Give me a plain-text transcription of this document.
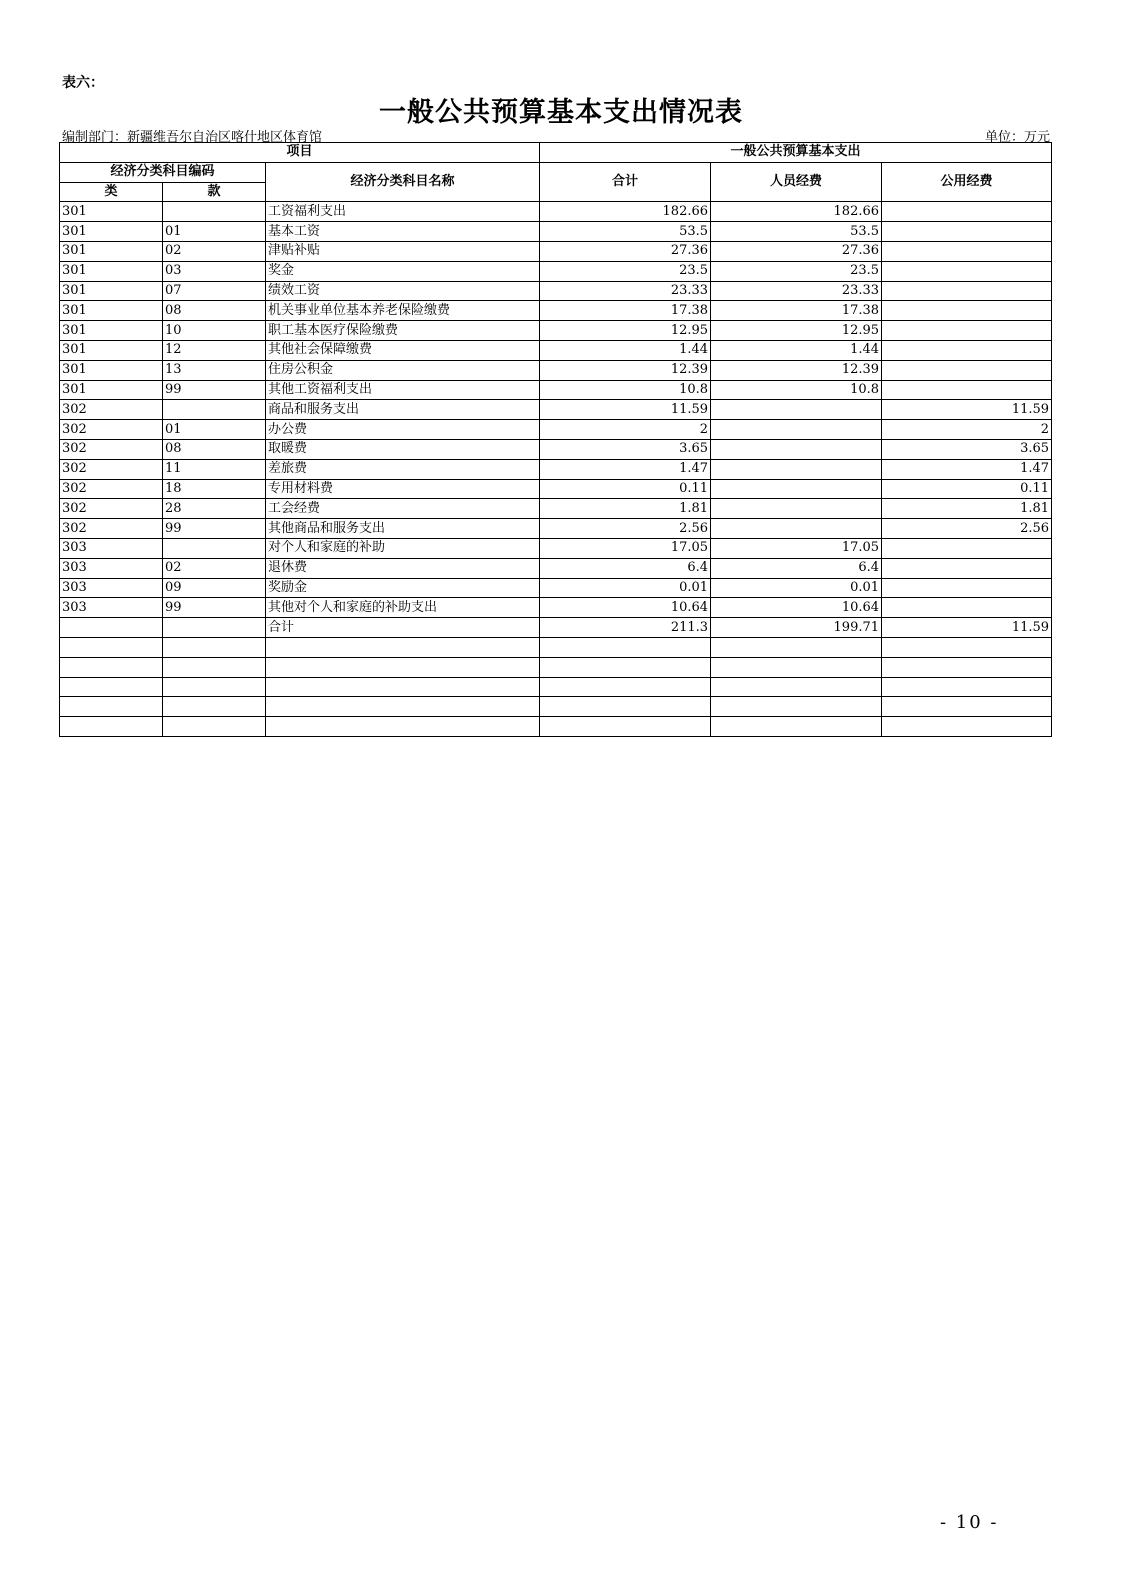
表六：
一般公共预算基本支出情况表
编制部门：新疆维吾尔自治区喀什地区体育馆	单位：万元
项目			一般公共预算基本支出		
经济分类科目编码		经济分类科目名称	合计	人员经费	公用经费
类	款				
301		工资福利支出	182.66	182.66	
301	01	基本工资	53.5	53.5	
301	02	津贴补贴	27.36	27.36	
301	03	奖金	23.5	23.5	
301	07	绩效工资	23.33	23.33	
301	08	机关事业单位基本养老保险缴费	17.38	17.38	
301	10	职工基本医疗保险缴费	12.95	12.95	
301	12	其他社会保障缴费	1.44	1.44	
301	13	住房公积金	12.39	12.39	
301	99	其他工资福利支出	10.8	10.8	
302		商品和服务支出	11.59		11.59
302	01	办公费	2		2
302	08	取暖费	3.65		3.65
302	11	差旅费	1.47		1.47
302	18	专用材料费	0.11		0.11
302	28	工会经费	1.81		1.81
302	99	其他商品和服务支出	2.56		2.56
303		对个人和家庭的补助	17.05	17.05	
303	02	退休费	6.4	6.4	
303	09	奖励金	0.01	0.01	
303	99	其他对个人和家庭的补助支出	10.64	10.64	
		合计	211.3	199.71	11.59

- 10 -
